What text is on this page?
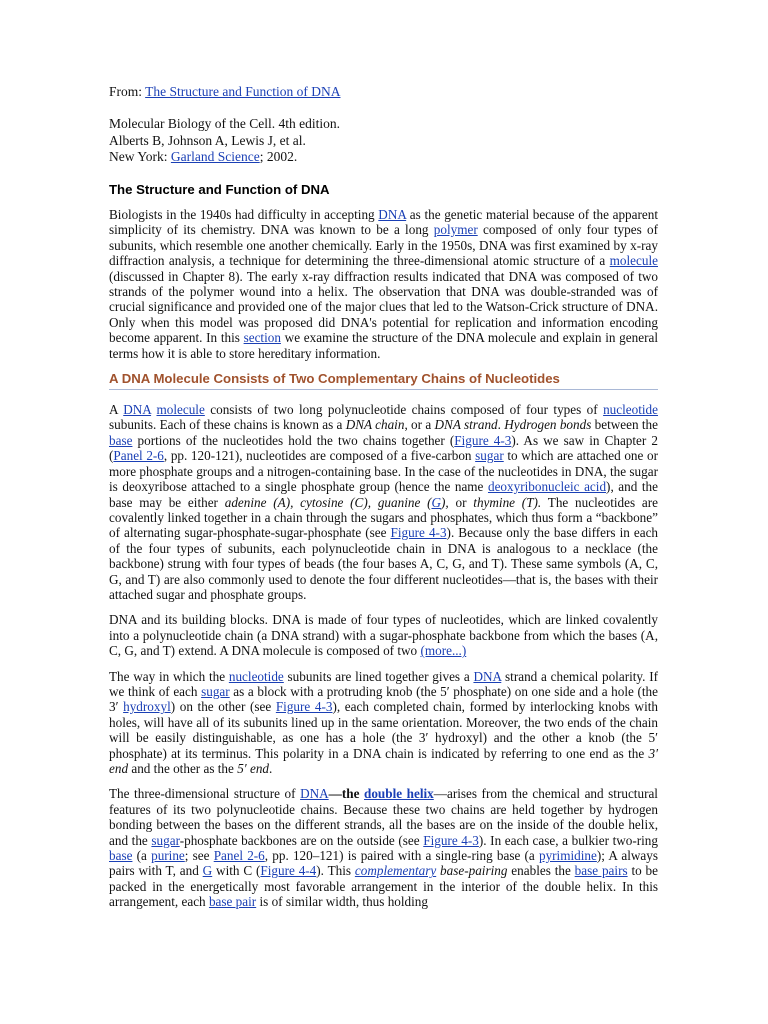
From: The Structure and Function of DNA
Molecular Biology of the Cell. 4th edition.
Alberts B, Johnson A, Lewis J, et al.
New York: Garland Science; 2002.
The Structure and Function of DNA

Biologists in the 1940s had difficulty in accepting DNA as the genetic material because of the apparent simplicity of its chemistry. DNA was known to be a long polymer composed of only four types of subunits, which resemble one another chemically. Early in the 1950s, DNA was first examined by x-ray diffraction analysis, a technique for determining the three-dimensional atomic structure of a molecule (discussed in Chapter 8). The early x-ray diffraction results indicated that DNA was composed of two strands of the polymer wound into a helix. The observation that DNA was double-stranded was of crucial significance and provided one of the major clues that led to the Watson-Crick structure of DNA. Only when this model was proposed did DNA's potential for replication and information encoding become apparent. In this section we examine the structure of the DNA molecule and explain in general terms how it is able to store hereditary information.

A DNA Molecule Consists of Two Complementary Chains of Nucleotides

A DNA molecule consists of two long polynucleotide chains composed of four types of nucleotide subunits. Each of these chains is known as a DNA chain, or a DNA strand. Hydrogen bonds between the base portions of the nucleotides hold the two chains together (Figure 4-3). As we saw in Chapter 2 (Panel 2-6, pp. 120-121), nucleotides are composed of a five-carbon sugar to which are attached one or more phosphate groups and a nitrogen-containing base. In the case of the nucleotides in DNA, the sugar is deoxyribose attached to a single phosphate group (hence the name deoxyribonucleic acid), and the base may be either adenine (A), cytosine (C), guanine (G), or thymine (T). The nucleotides are covalently linked together in a chain through the sugars and phosphates, which thus form a “backbone” of alternating sugar-phosphate-sugar-phosphate (see Figure 4-3). Because only the base differs in each of the four types of subunits, each polynucleotide chain in DNA is analogous to a necklace (the backbone) strung with four types of beads (the four bases A, C, G, and T). These same symbols (A, C, G, and T) are also commonly used to denote the four different nucleotides—that is, the bases with their attached sugar and phosphate groups.

DNA and its building blocks. DNA is made of four types of nucleotides, which are linked covalently into a polynucleotide chain (a DNA strand) with a sugar-phosphate backbone from which the bases (A, C, G, and T) extend. A DNA molecule is composed of two (more...)

The way in which the nucleotide subunits are lined together gives a DNA strand a chemical polarity. If we think of each sugar as a block with a protruding knob (the 5′ phosphate) on one side and a hole (the 3′ hydroxyl) on the other (see Figure 4-3), each completed chain, formed by interlocking knobs with holes, will have all of its subunits lined up in the same orientation. Moreover, the two ends of the chain will be easily distinguishable, as one has a hole (the 3′ hydroxyl) and the other a knob (the 5′ phosphate) at its terminus. This polarity in a DNA chain is indicated by referring to one end as the 3′ end and the other as the 5′ end.

The three-dimensional structure of DNA—the double helix—arises from the chemical and structural features of its two polynucleotide chains. Because these two chains are held together by hydrogen bonding between the bases on the different strands, all the bases are on the inside of the double helix, and the sugar-phosphate backbones are on the outside (see Figure 4-3). In each case, a bulkier two-ring base (a purine; see Panel 2-6, pp. 120–121) is paired with a single-ring base (a pyrimidine); A always pairs with T, and G with C (Figure 4-4). This complementary base-pairing enables the base pairs to be packed in the energetically most favorable arrangement in the interior of the double helix. In this arrangement, each base pair is of similar width, thus holding
